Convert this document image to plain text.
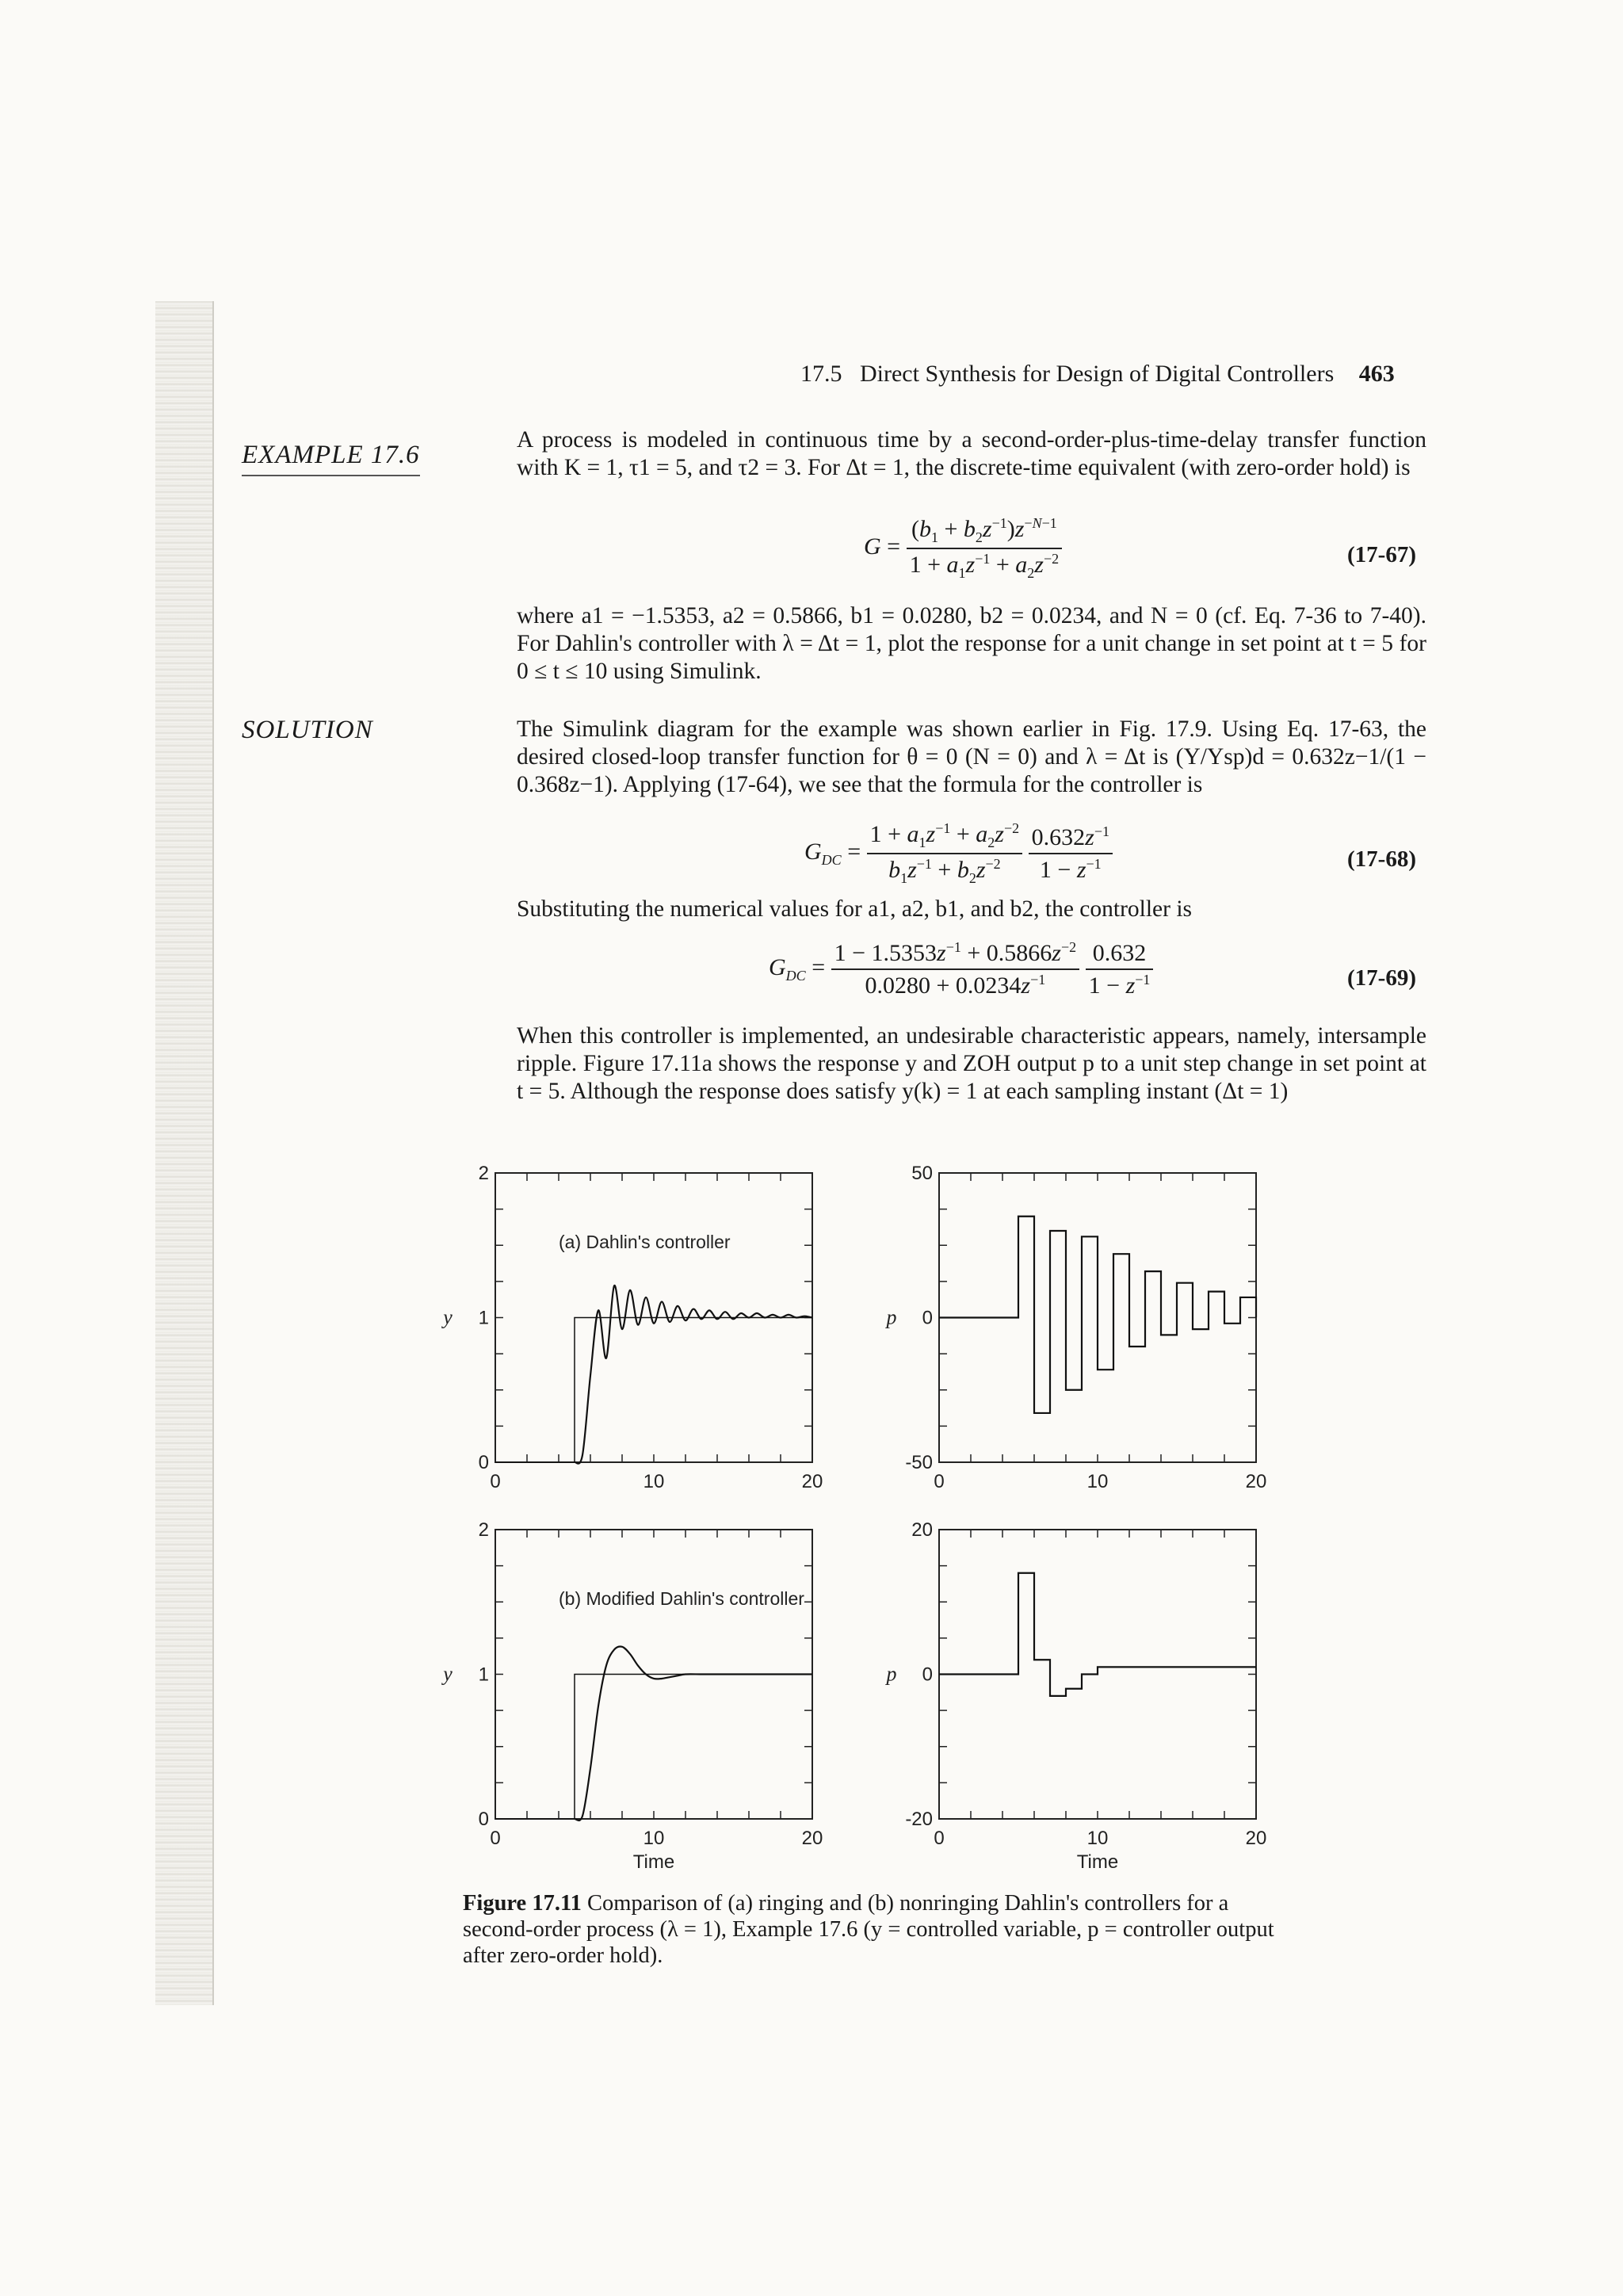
17.5 Direct Synthesis for Design of Digital Controllers 463
EXAMPLE 17.6
SOLUTION
A process is modeled in continuous time by a second-order-plus-time-delay transfer function with K = 1, τ1 = 5, and τ2 = 3. For Δt = 1, the discrete-time equivalent (with zero-order hold) is
$G = \frac{(b_1 + b_2z^{-1})z^{-N-1}}{1 + a_1z^{-1} + a_2z^{-2}}$	(17-67)
where a1 = −1.5353, a2 = 0.5866, b1 = 0.0280, b2 = 0.0234, and N = 0 (cf. Eq. 7-36 to 7-40). For Dahlin's controller with λ = Δt = 1, plot the response for a unit change in set point at t = 5 for 0 ≤ t ≤ 10 using Simulink.
The Simulink diagram for the example was shown earlier in Fig. 17.9. Using Eq. 17-63, the desired closed-loop transfer function for θ = 0 (N = 0) and λ = Δt is (Y/Ysp)d = 0.632z−1/(1 − 0.368z−1). Applying (17-64), we see that the formula for the controller is
$G_{DC} = \frac{1 + a_1z^{-1} + a_2z^{-2}}{b_1z^{-1} + b_2z^{-2}}$
$\frac{0.632z^{-1}}{1 - z^{-1}}$	(17-68)
Substituting the numerical values for a1, a2, b1, and b2, the controller is
$G_{DC} = \frac{1 - 1.5353z^{-1} + 0.5866z^{-2}}{0.0280 + 0.0234z^{-1}}$
$\frac{0.632}{1 - z^{-1}}$	(17-69)
When this controller is implemented, an undesirable characteristic appears, namely, intersample ripple. Figure 17.11a shows the response y and ZOH output p to a unit step change in set point at t = 5. Although the response does satisfy y(k) = 1 at each sampling instant (Δt = 1)
0	10	20
0
1
2
y
(a) Dahlin's controller
0	10	20
-50
0
50
p
0	10	20
0
1
2
y
(b) Modified Dahlin's controller
Time
0	10	20
-20
0
20
p
Time
Figure 17.11 Comparison of (a) ringing and (b) nonringing Dahlin's controllers for a second-order process (λ = 1), Example 17.6 (y = controlled variable, p = controller output after zero-order hold).
